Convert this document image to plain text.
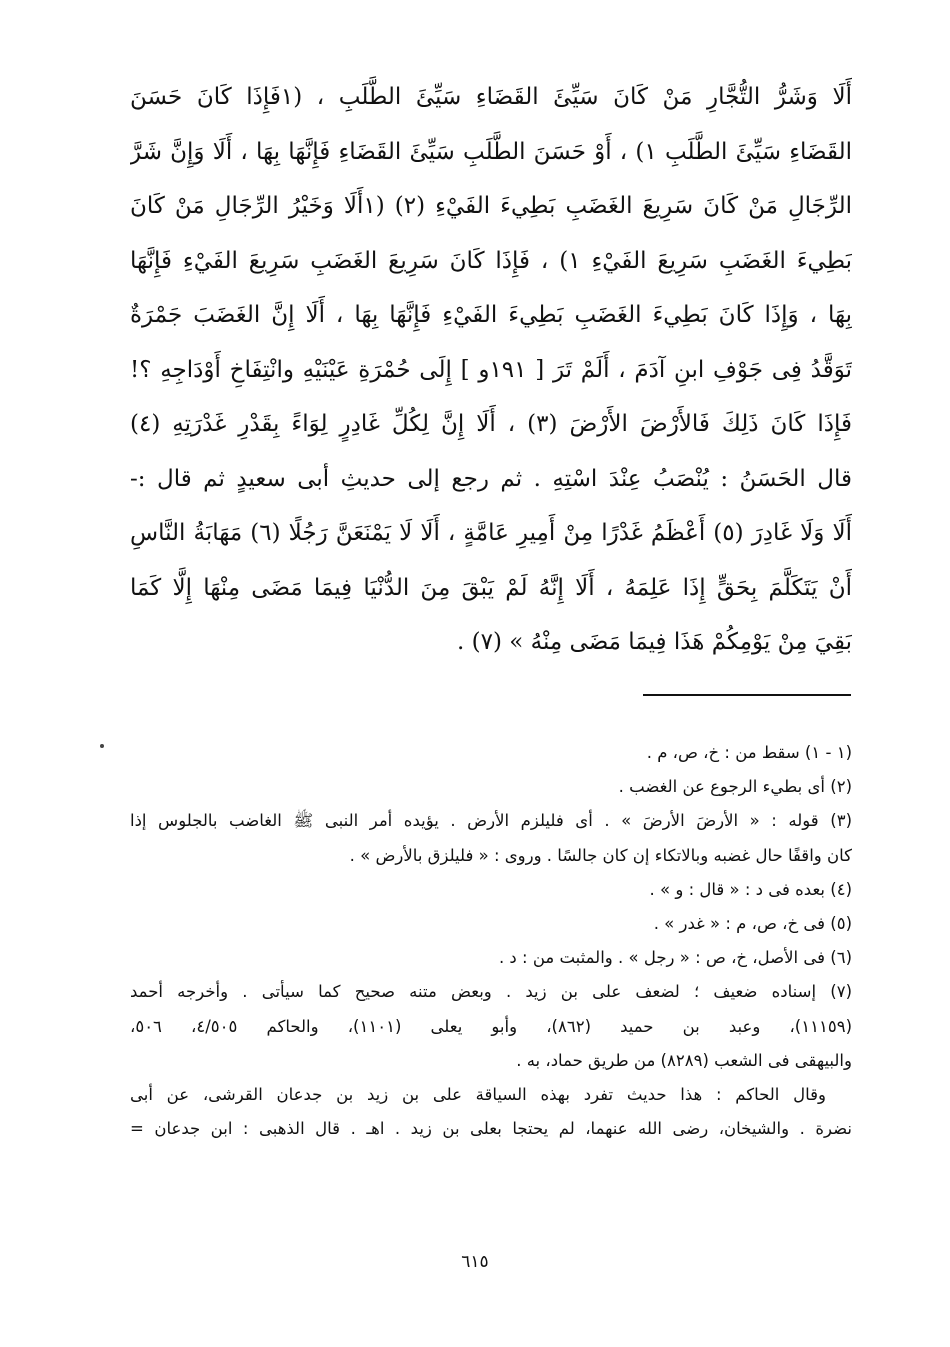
أَلَا وَشَرُّ التُّجَّارِ مَنْ كَانَ سَيِّئَ القَضَاءِ سَيِّئَ الطَّلَبِ ، (١فَإِذَا كَانَ حَسَنَ
القَضَاءِ سَيِّئَ الطَّلَبِ ١) ، أَوْ حَسَنَ الطَّلَبِ سَيِّئَ القَضَاءِ فَإِنَّهَا بِهَا ، أَلَا وَإِنَّ شَرَّ
الرِّجَالِ مَنْ كَانَ سَرِيعَ الغَضَبِ بَطِيءَ الفَيْءِ (٢) (١أَلَا وَخَيْرُ الرِّجَالِ مَنْ كَانَ
بَطِيءَ الغَضَبِ سَرِيعَ الفَيْءِ ١) ، فَإِذَا كَانَ سَرِيعَ الغَضَبِ سَرِيعَ الفَيْءِ فَإِنَّهَا
بِهَا ، وَإِذَا كَانَ بَطِيءَ الغَضَبِ بَطِيءَ الفَيْءِ فَإِنَّهَا بِهَا ، أَلَا إِنَّ الغَضَبَ جَمْرَةٌ
تَوَقَّدُ فِى جَوْفِ ابنِ آدَمَ ، أَلَمْ تَرَ [ ١٩١و ] إِلَى حُمْرَةِ عَيْنَيْهِ وانْتِفَاخِ أَوْدَاجِهِ ؟!
فَإِذَا كَانَ ذَلِكَ فَالأَرْضَ الأَرْضَ (٣) ، أَلَا إِنَّ لِكُلِّ غَادِرٍ لِوَاءً بِقَدْرِ غَدْرَتِهِ (٤)
قال الحَسَنُ : يُنْصَبُ عِنْدَ اسْتِهِ . ثم رجع إلى حديثِ أبى سعيدٍ ثم قال :-
أَلَا وَلَا غَادِرَ (٥) أَعْظَمُ غَدْرًا مِنْ أَمِيرِ عَامَّةٍ ، أَلَا لَا يَمْنَعَنَّ رَجُلًا (٦) مَهَابَةُ النَّاسِ
أَنْ يَتَكَلَّمَ بِحَقٍّ إِذَا عَلِمَهُ ، أَلَا إِنَّهُ لَمْ يَبْقَ مِنَ الدُّنْيَا فِيمَا مَضَى مِنْهَا إِلَّا كَمَا
بَقِيَ مِنْ يَوْمِكُمْ هَذَا فِيمَا مَضَى مِنْهُ » (٧) .
(١ - ١) سقط من : خ، ص، م .
(٢) أى بطيء الرجوع عن الغضب .
(٣) قوله : « الأرضَ الأرضَ » . أى فليلزم الأرض . يؤيده أمر النبى ﷺ الغاضب بالجلوس إذا
كان واقفًا حال غضبه وبالاتكاء إن كان جالسًا . وروى : « فليلزق بالأرض » .
(٤) بعده فى د : « قال : و » .
(٥) فى خ، ص، م : « غدر » .
(٦) فى الأصل، خ، ص : « رجل » . والمثبت من : د .
(٧) إسناده ضعيف ؛ لضعف على بن زيد . وبعض متنه صحيح كما سيأتى . وأخرجه أحمد
(١١١٥٩)، وعبد بن حميد (٨٦٢)، وأبو يعلى (١١٠١)، والحاكم ٤/٥٠٥، ٥٠٦،
والبيهقى فى الشعب (٨٢٨٩) من طريق حماد، به .
وقال الحاكم : هذا حديث تفرد بهذه السياقة على بن زيد بن جدعان القرشى، عن أبى
نضرة . والشيخان، رضى الله عنهما، لم يحتجا بعلى بن زيد . اهـ . قال الذهبى : ابن جدعان =
٦١٥
